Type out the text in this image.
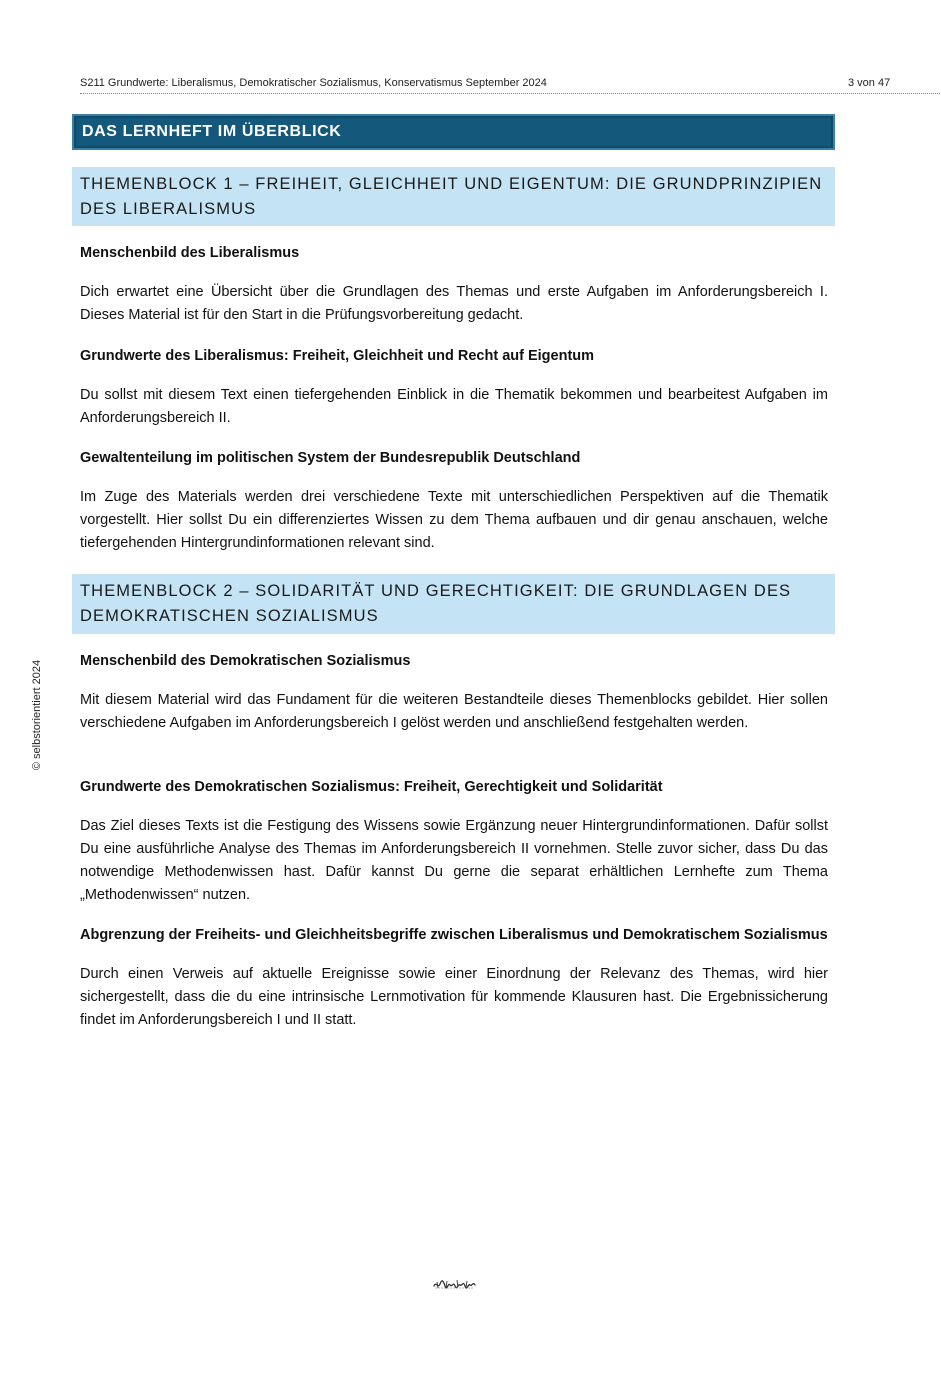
S211 Grundwerte: Liberalismus, Demokratischer Sozialismus, Konservatismus September 2024	3 von 47
DAS LERNHEFT IM ÜBERBLICK
THEMENBLOCK 1 – FREIHEIT, GLEICHHEIT UND EIGENTUM: DIE GRUNDPRINZIPIEN DES LIBERALISMUS
Menschenbild des Liberalismus
Dich erwartet eine Übersicht über die Grundlagen des Themas und erste Aufgaben im Anforderungsbereich I. Dieses Material ist für den Start in die Prüfungsvorbereitung gedacht.
Grundwerte des Liberalismus: Freiheit, Gleichheit und Recht auf Eigentum
Du sollst mit diesem Text einen tiefergehenden Einblick in die Thematik bekommen und bearbeitest Aufgaben im Anforderungsbereich II.
Gewaltenteilung im politischen System der Bundesrepublik Deutschland
Im Zuge des Materials werden drei verschiedene Texte mit unterschiedlichen Perspektiven auf die Thematik vorgestellt. Hier sollst Du ein differenziertes Wissen zu dem Thema aufbauen und dir genau anschauen, welche tiefergehenden Hintergrundinformationen relevant sind.
THEMENBLOCK 2 – SOLIDARITÄT UND GERECHTIGKEIT: DIE GRUNDLAGEN DES DEMOKRATISCHEN SOZIALISMUS
Menschenbild des Demokratischen Sozialismus
Mit diesem Material wird das Fundament für die weiteren Bestandteile dieses Themenblocks gebildet. Hier sollen verschiedene Aufgaben im Anforderungsbereich I gelöst werden und anschließend festgehalten werden.
Grundwerte des Demokratischen Sozialismus: Freiheit, Gerechtigkeit und Solidarität
Das Ziel dieses Texts ist die Festigung des Wissens sowie Ergänzung neuer Hintergrundinformationen. Dafür sollst Du eine ausführliche Analyse des Themas im Anforderungsbereich II vornehmen. Stelle zuvor sicher, dass Du das notwendige Methodenwissen hast. Dafür kannst Du gerne die separat erhältlichen Lernhefte zum Thema „Methodenwissen“ nutzen.
Abgrenzung der Freiheits- und Gleichheitsbegriffe zwischen Liberalismus und Demokratischem Sozialismus
Durch einen Verweis auf aktuelle Ereignisse sowie einer Einordnung der Relevanz des Themas, wird hier sichergestellt, dass die du eine intrinsische Lernmotivation für kommende Klausuren hast. Die Ergebnissicherung findet im Anforderungsbereich I und II statt.
© selbstorientiert 2024
